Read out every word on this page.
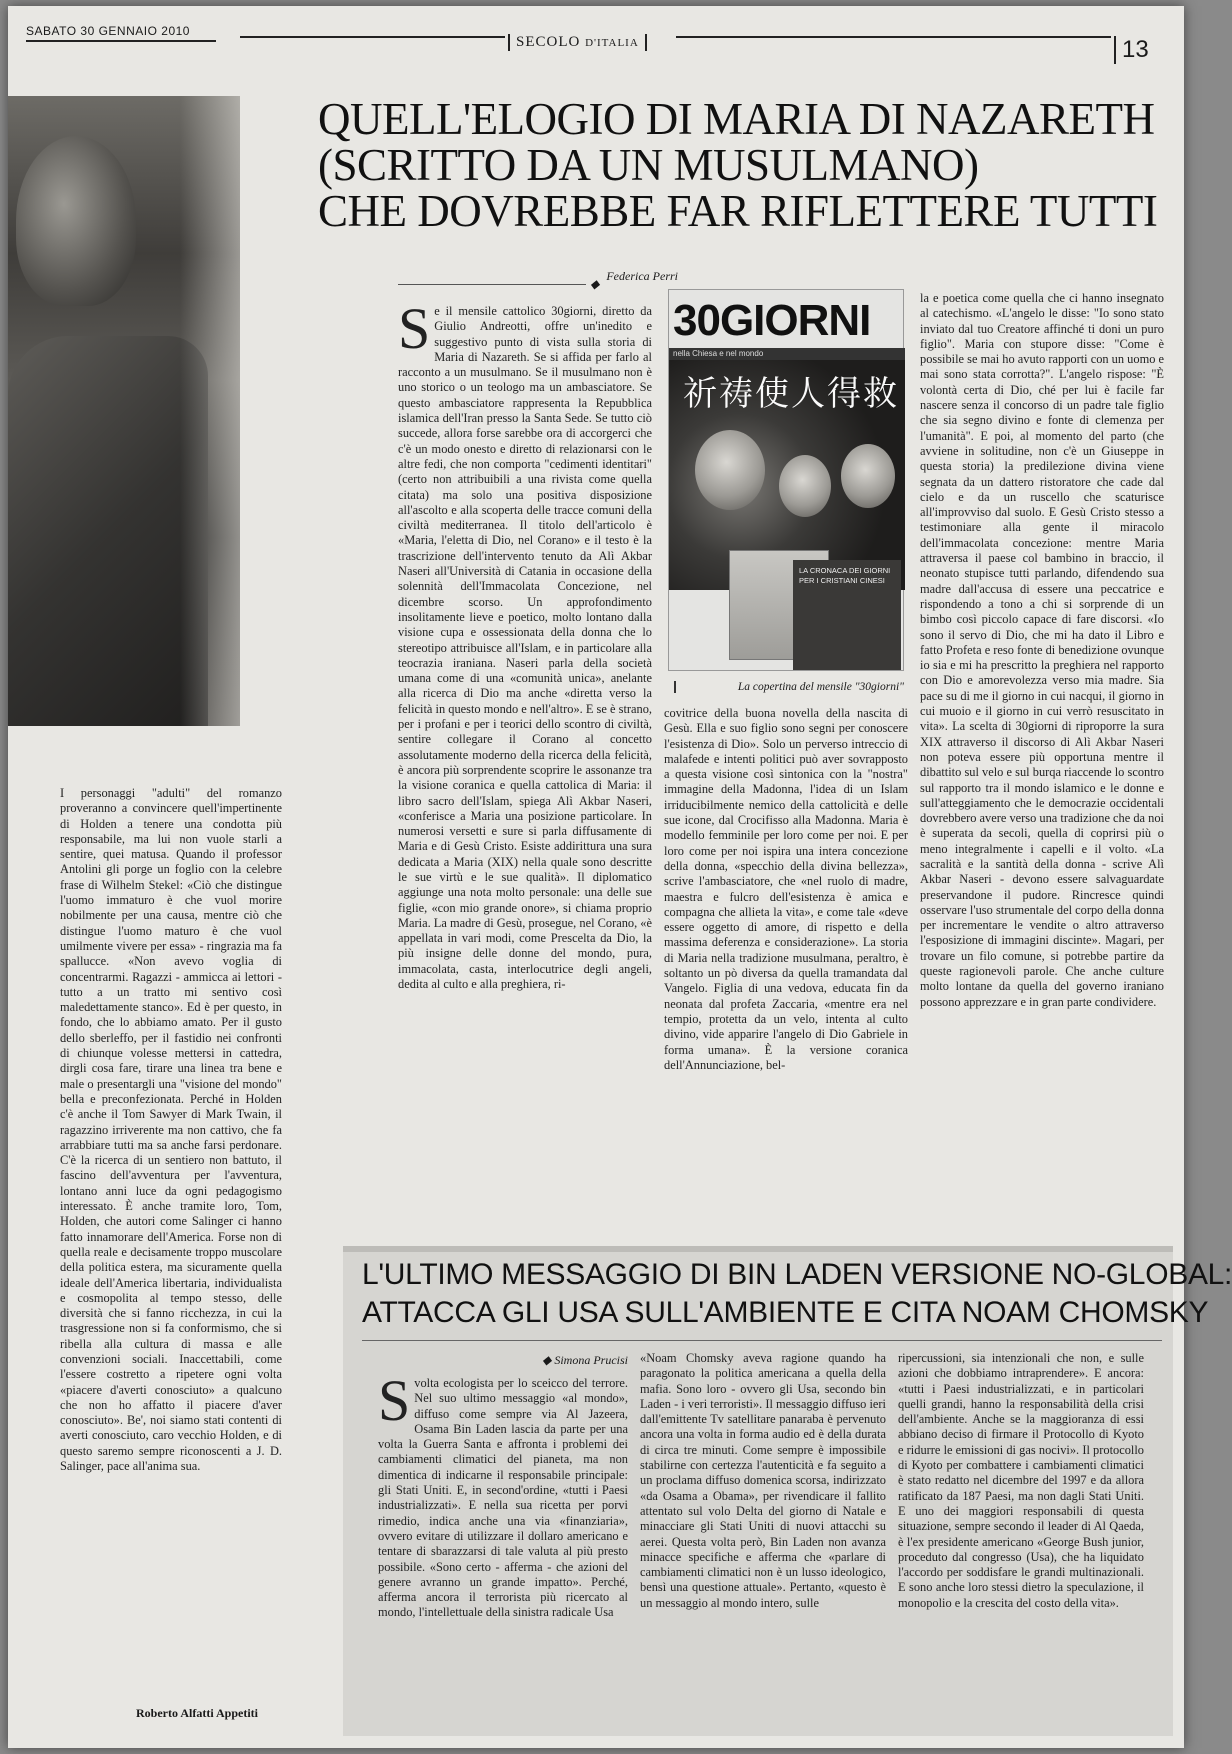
SABATO 30 GENNAIO 2010
SECOLO D'ITALIA	13
QUELL'ELOGIO DI MARIA DI NAZARETH
(SCRITTO DA UN MUSULMANO)
CHE DOVREBBE FAR RIFLETTERE TUTTI
◆ Federica Perri
S e il mensile cattolico 30giorni, diretto da Giulio Andreotti, offre un'inedito e suggestivo punto di vista sulla storia di Maria di Nazareth. Se si affida per farlo al racconto a un musulmano. Se il musulmano non è uno storico o un teologo ma un ambasciatore. Se questo ambasciatore rappresenta la Repubblica islamica dell'Iran presso la Santa Sede. Se tutto ciò succede, allora forse sarebbe ora di accorgerci che c'è un modo onesto e diretto di relazionarsi con le altre fedi, che non comporta "cedimenti identitari" (certo non attribuibili a una rivista come quella citata) ma solo una positiva disposizione all'ascolto e alla scoperta delle tracce comuni della civiltà mediterranea. Il titolo dell'articolo è «Maria, l'eletta di Dio, nel Corano» e il testo è la trascrizione dell'intervento tenuto da Alì Akbar Naseri all'Università di Catania in occasione della solennità dell'Immacolata Concezione, nel dicembre scorso. Un approfondimento insolitamente lieve e poetico, molto lontano dalla visione cupa e ossessionata della donna che lo stereotipo attribuisce all'Islam, e in particolare alla teocrazia iraniana. Naseri parla della società umana come di una «comunità unica», anelante alla ricerca di Dio ma anche «diretta verso la felicità in questo mondo e nell'altro». E se è strano, per i profani e per i teorici dello scontro di civiltà, sentire collegare il Corano al concetto assolutamente moderno della ricerca della felicità, è ancora più sorprendente scoprire le assonanze tra la visione coranica e quella cattolica di Maria: il libro sacro dell'Islam, spiega Alì Akbar Naseri, «conferisce a Maria una posizione particolare. In numerosi versetti e sure si parla diffusamente di Maria e di Gesù Cristo. Esiste addirittura una sura dedicata a Maria (XIX) nella quale sono descritte le sue virtù e le sue qualità». Il diplomatico aggiunge una nota molto personale: una delle sue figlie, «con mio grande onore», si chiama proprio Maria. La madre di Gesù, prosegue, nel Corano, «è appellata in vari modi, come Prescelta da Dio, la più insigne delle donne del mondo, pura, immacolata, casta, interlocutrice degli angeli, dedita al culto e alla preghiera, ri-
30GIORNI
nella Chiesa e nel mondo
祈祷使人得救
LA CRONACA DEI GIORNI PER I CRISTIANI CINESI
La copertina del mensile "30giorni"
covitrice della buona novella della nascita di Gesù. Ella e suo figlio sono segni per conoscere l'esistenza di Dio». Solo un perverso intreccio di malafede e intenti politici può aver sovrapposto a questa visione così sintonica con la "nostra" immagine della Madonna, l'idea di un Islam irriducibilmente nemico della cattolicità e delle sue icone, dal Crocifisso alla Madonna. Maria è modello femminile per loro come per noi. E per loro come per noi ispira una intera concezione della donna, «specchio della divina bellezza», scrive l'ambasciatore, che «nel ruolo di madre, maestra e fulcro dell'esistenza è amica e compagna che allieta la vita», e come tale «deve essere oggetto di amore, di rispetto e della massima deferenza e considerazione». La storia di Maria nella tradizione musulmana, peraltro, è soltanto un pò diversa da quella tramandata dal Vangelo. Figlia di una vedova, educata fin da neonata dal profeta Zaccaria, «mentre era nel tempio, protetta da un velo, intenta al culto divino, vide apparire l'angelo di Dio Gabriele in forma umana». È la versione coranica dell'Annunciazione, bel-
la e poetica come quella che ci hanno insegnato al catechismo. «L'angelo le disse: "Io sono stato inviato dal tuo Creatore affinché ti doni un puro figlio". Maria con stupore disse: "Come è possibile se mai ho avuto rapporti con un uomo e mai sono stata corrotta?". L'angelo rispose: "È volontà certa di Dio, ché per lui è facile far nascere senza il concorso di un padre tale figlio che sia segno divino e fonte di clemenza per l'umanità". E poi, al momento del parto (che avviene in solitudine, non c'è un Giuseppe in questa storia) la predilezione divina viene segnata da un dattero ristoratore che cade dal cielo e da un ruscello che scaturisce all'improvviso dal suolo. E Gesù Cristo stesso a testimoniare alla gente il miracolo dell'immacolata concezione: mentre Maria attraversa il paese col bambino in braccio, il neonato stupisce tutti parlando, difendendo sua madre dall'accusa di essere una peccatrice e rispondendo a tono a chi si sorprende di un bimbo così piccolo capace di fare discorsi. «Io sono il servo di Dio, che mi ha dato il Libro e fatto Profeta e reso fonte di benedizione ovunque io sia e mi ha prescritto la preghiera nel rapporto con Dio e amorevolezza verso mia madre. Sia pace su di me il giorno in cui nacqui, il giorno in cui muoio e il giorno in cui verrò resuscitato in vita». La scelta di 30giorni di riproporre la sura XIX attraverso il discorso di Alì Akbar Naseri non poteva essere più opportuna mentre il dibattito sul velo e sul burqa riaccende lo scontro sul rapporto tra il mondo islamico e le donne e sull'atteggiamento che le democrazie occidentali dovrebbero avere verso una tradizione che da noi è superata da secoli, quella di coprirsi più o meno integralmente i capelli e il volto. «La sacralità e la santità della donna - scrive Alì Akbar Naseri - devono essere salvaguardate preservandone il pudore. Rincresce quindi osservare l'uso strumentale del corpo della donna per incrementare le vendite o altro attraverso l'esposizione di immagini discinte». Magari, per trovare un filo comune, si potrebbe partire da queste ragionevoli parole. Che anche culture molto lontane da quella del governo iraniano possono apprezzare e in gran parte condividere.
I personaggi "adulti" del romanzo proveranno a convincere quell'impertinente di Holden a tenere una condotta più responsabile, ma lui non vuole starli a sentire, quei matusa. Quando il professor Antolini gli porge un foglio con la celebre frase di Wilhelm Stekel: «Ciò che distingue l'uomo immaturo è che vuol morire nobilmente per una causa, mentre ciò che distingue l'uomo maturo è che vuol umilmente vivere per essa» - ringrazia ma fa spallucce. «Non avevo voglia di concentrarmi. Ragazzi - ammicca ai lettori - tutto a un tratto mi sentivo così maledettamente stanco». Ed è per questo, in fondo, che lo abbiamo amato. Per il gusto dello sberleffo, per il fastidio nei confronti di chiunque volesse mettersi in cattedra, dirgli cosa fare, tirare una linea tra bene e male o presentargli una "visione del mondo" bella e preconfezionata. Perché in Holden c'è anche il Tom Sawyer di Mark Twain, il ragazzino irriverente ma non cattivo, che fa arrabbiare tutti ma sa anche farsi perdonare. C'è la ricerca di un sentiero non battuto, il fascino dell'avventura per l'avventura, lontano anni luce da ogni pedagogismo interessato. È anche tramite loro, Tom, Holden, che autori come Salinger ci hanno fatto innamorare dell'America. Forse non di quella reale e decisamente troppo muscolare della politica estera, ma sicuramente quella ideale dell'America libertaria, individualista e cosmopolita al tempo stesso, delle diversità che si fanno ricchezza, in cui la trasgressione non si fa conformismo, che si ribella alla cultura di massa e alle convenzioni sociali. Inaccettabili, come l'essere costretto a ripetere ogni volta «piacere d'averti conosciuto» a qualcuno che non ho affatto il piacere d'aver conosciuto». Be', noi siamo stati contenti di averti conosciuto, caro vecchio Holden, e di questo saremo sempre riconoscenti a J. D. Salinger, pace all'anima sua.
Roberto Alfatti Appetiti
L'ULTIMO MESSAGGIO DI BIN LADEN VERSIONE NO-GLOBAL:
ATTACCA GLI USA SULL'AMBIENTE E CITA NOAM CHOMSKY
◆ Simona Prucisi
S volta ecologista per lo sceicco del terrore. Nel suo ultimo messaggio «al mondo», diffuso come sempre via Al Jazeera, Osama Bin Laden lascia da parte per una volta la Guerra Santa e affronta i problemi dei cambiamenti climatici del pianeta, ma non dimentica di indicarne il responsabile principale: gli Stati Uniti. E, in second'ordine, «tutti i Paesi industrializzati». E nella sua ricetta per porvi rimedio, indica anche una via «finanziaria», ovvero evitare di utilizzare il dollaro americano e tentare di sbarazzarsi di tale valuta al più presto possibile. «Sono certo - afferma - che azioni del genere avranno un grande impatto». Perché, afferma ancora il terrorista più ricercato al mondo, l'intellettuale della sinistra radicale Usa
«Noam Chomsky aveva ragione quando ha paragonato la politica americana a quella della mafia. Sono loro - ovvero gli Usa, secondo bin Laden - i veri terroristi». Il messaggio diffuso ieri dall'emittente Tv satellitare panaraba è pervenuto ancora una volta in forma audio ed è della durata di circa tre minuti. Come sempre è impossibile stabilirne con certezza l'autenticità e fa seguito a un proclama diffuso domenica scorsa, indirizzato «da Osama a Obama», per rivendicare il fallito attentato sul volo Delta del giorno di Natale e minacciare gli Stati Uniti di nuovi attacchi su aerei. Questa volta però, Bin Laden non avanza minacce specifiche e afferma che «parlare di cambiamenti climatici non è un lusso ideologico, bensì una questione attuale». Pertanto, «questo è un messaggio al mondo intero, sulle
ripercussioni, sia intenzionali che non, e sulle azioni che dobbiamo intraprendere». E ancora: «tutti i Paesi industrializzati, e in particolari quelli grandi, hanno la responsabilità della crisi dell'ambiente. Anche se la maggioranza di essi abbiano deciso di firmare il Protocollo di Kyoto e ridurre le emissioni di gas nocivi». Il protocollo di Kyoto per combattere i cambiamenti climatici è stato redatto nel dicembre del 1997 e da allora ratificato da 187 Paesi, ma non dagli Stati Uniti. E uno dei maggiori responsabili di questa situazione, sempre secondo il leader di Al Qaeda, è l'ex presidente americano «George Bush junior, proceduto dal congresso (Usa), che ha liquidato l'accordo per soddisfare le grandi multinazionali. E sono anche loro stessi dietro la speculazione, il monopolio e la crescita del costo della vita».
